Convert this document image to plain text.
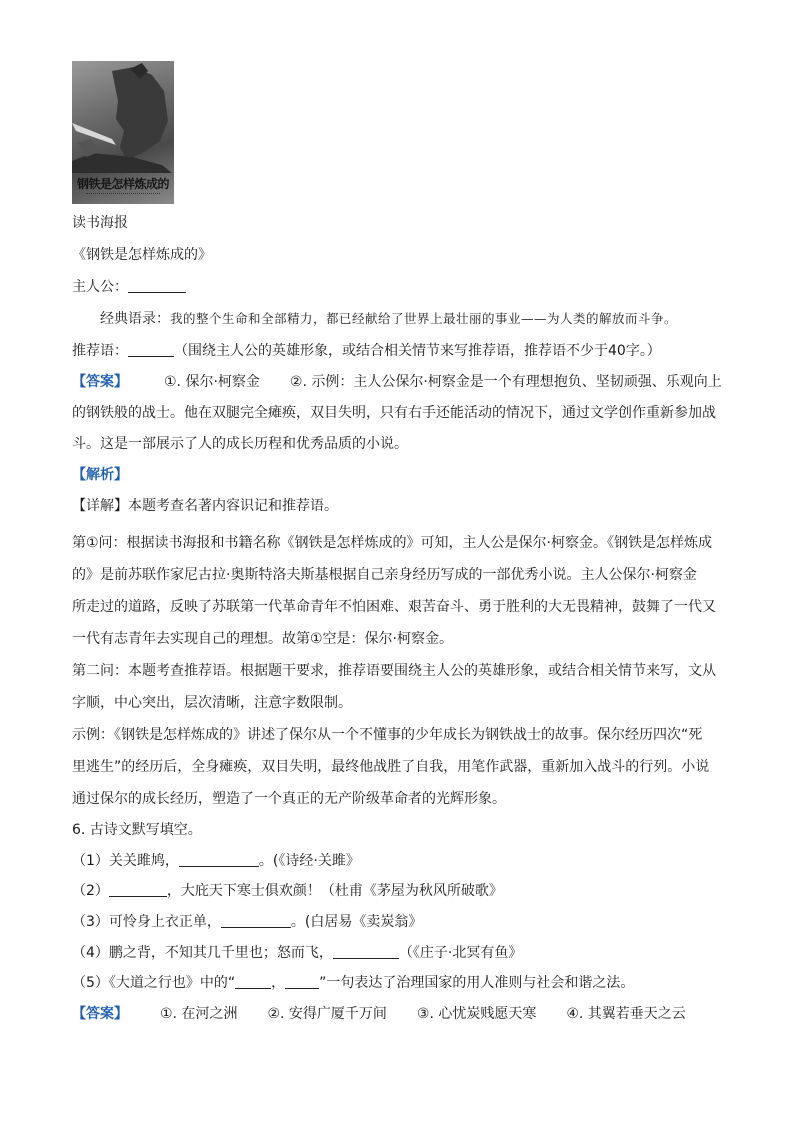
钢铁是怎样炼成的
读书海报
《钢铁是怎样炼成的》
主人公：
经典语录：我的整个生命和全部精力，都已经献给了世界上最壮丽的事业——为人类的解放而斗争。
推荐语：	（围绕主人公的英雄形象，或结合相关情节来写推荐语，推荐语不少于40字。）
【答案】	①. 保尔·柯察金 ②. 示例：主人公保尔·柯察金是一个有理想抱负、坚韧顽强、乐观向上
的钢铁般的战士。他在双腿完全瘫痪，双目失明，只有右手还能活动的情况下，通过文学创作重新参加战
斗。这是一部展示了人的成长历程和优秀品质的小说。
【解析】
【详解】本题考查名著内容识记和推荐语。
第①问：根据读书海报和书籍名称《钢铁是怎样炼成的》可知，主人公是保尔·柯察金。《钢铁是怎样炼成
的》是前苏联作家尼古拉·奥斯特洛夫斯基根据自己亲身经历写成的一部优秀小说。主人公保尔·柯察金
所走过的道路，反映了苏联第一代革命青年不怕困难、艰苦奋斗、勇于胜利的大无畏精神，鼓舞了一代又
一代有志青年去实现自己的理想。故第①空是：保尔·柯察金。
第二问：本题考查推荐语。根据题干要求，推荐语要围绕主人公的英雄形象，或结合相关情节来写，文从
字顺，中心突出，层次清晰，注意字数限制。
示例：《钢铁是怎样炼成的》讲述了保尔从一个不懂事的少年成长为钢铁战士的故事。保尔经历四次“死
里逃生”的经历后，全身瘫痪，双目失明，最终他战胜了自我，用笔作武器，重新加入战斗的行列。小说
通过保尔的成长经历，塑造了一个真正的无产阶级革命者的光辉形象。
6. 古诗文默写填空。
（1）关关雎鸠，	。(《诗经·关雎》
（2）	，大庇天下寒士俱欢颜！（杜甫《茅屋为秋风所破歌》
（3）可怜身上衣正单，	。(白居易《卖炭翁》
（4）鹏之背，不知其几千里也；怒而飞，	（《庄子·北冥有鱼》
（5）《大道之行也》中的“	， ”一句表达了治理国家的用人准则与社会和谐之法。
【答案】 ①. 在河之洲 ②. 安得广厦千万间 ③. 心忧炭贱愿天寒 ④. 其翼若垂天之云
